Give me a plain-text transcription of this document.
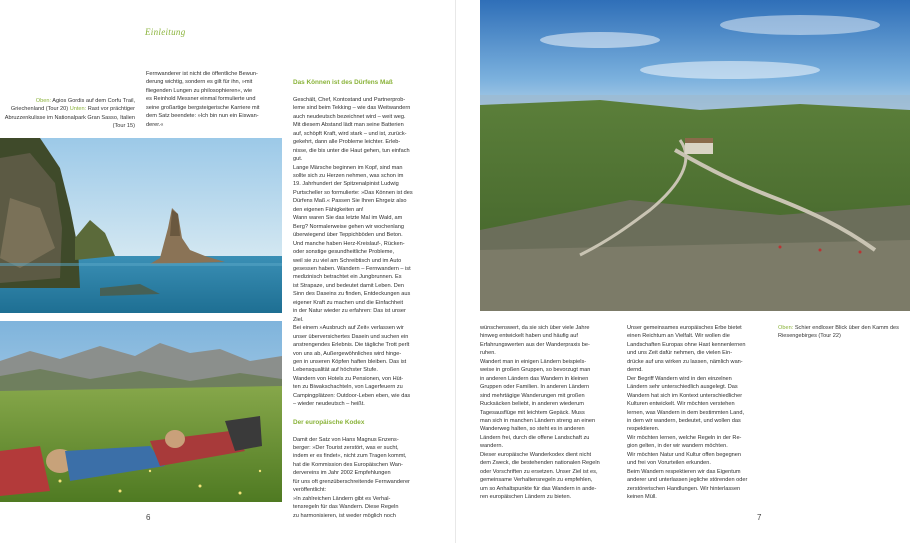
Einleitung
Oben: Agios Gordis auf dem Corfu Trail, Griechenland (Tour 20) Unten: Rast vor prächtiger Abruzzenkulisse im Nationalpark Gran Sasso, Italien (Tour 15)
Fernwanderer ist nicht die öffentliche Bewun-
derung wichtig, sondern es gilt für ihn, »mit
fliegenden Lungen zu philosophieren«, wie
es Reinhold Messner einmal formulierte und
seine großartige bergsteigerische Karriere mit
dem Satz beendete: »Ich bin nun ein Eiswan-
derer.«

Das Können ist des Dürfens Maß

Geschält, Chef, Kontostand und Partnerprob-
leme sind beim Tekking – wie das Weitwandern
auch neudeutsch bezeichnet wird – weit weg.
Mit diesem Abstand lädt man seine Batterien
auf, schöpft Kraft, wird stark – und ist, zurück-
gekehrt, dann alle Probleme leichter. Erleb-
nisse, die bis unter die Haut gehen, tun einfach
gut.
Lange Märsche beginnen im Kopf, sind man
sollte sich zu Herzen nehmen, was schon im
19. Jahrhundert der Spitzenalpinist Ludwig
Purtscheller so formulierte: »Das Können ist des
Dürfens Maß.« Passen Sie Ihren Ehrgeiz also
den eigenen Fähigkeiten an!
Wann waren Sie das letzte Mal im Wald, am
Berg? Normalerweise gehen wir wochenlang
überwiegend über Teppichböden und Beton.
Und manche haben Herz-Kreislauf-, Rücken-
oder sonstige gesundheitliche Probleme,
weil sie zu viel am Schreibtisch und im Auto
gesessen haben. Wandern – Fernwandern – ist
medizinisch betrachtet ein Jungbrunnen. Es
ist Strapaze, und bedeutet damit Leben. Den
Sinn des Daseins zu finden, Entdeckungen aus
eigener Kraft zu machen und die Einfachheit
in der Natur wieder zu erfahren: Das ist unser
Ziel.
Bei einem »Ausbruch auf Zeit« verlassen wir
unser überversichertes Dasein und suchen ein
anstrengendes Erlebnis. Die tägliche Trott perlt
von uns ab, Außergewöhnliches wird hinge-
gen in unseren Köpfen haften bleiben. Das ist
Lebensqualität auf höchster Stufe.
Wandern von Hotels zu Pensionen, von Hüt-
ten zu Biwakschachteln, von Lagerfeuern zu
Campingplätzen: Outdoor-Leben eben, wie das
– wieder neudeutsch – heißt.

Der europäische Kodex

Damit der Satz von Hans Magnus Enzens-
berger: »Der Tourist zerstört, was er sucht,
indem er es findet«, nicht zum Tragen kommt,
hat die Kommission des Europäischen Wan-
dervereins im Jahr 2002 Empfehlungen
für uns oft grenzüberschreitende Fernwanderer
veröffentlicht:
»In zahlreichen Ländern gibt es Verhal-
tensregeln für das Wandern. Diese Regeln
zu harmonisieren, ist weder möglich noch

Oben: Schier endloser Blick über den Kamm des Riesengebirges (Tour 22)
wünschenswert, da sie sich über viele Jahre
hinweg entwickelt haben und häufig auf
Erfahrungswerten aus der Wanderpraxis be-
ruhen.
Wandert man in einigen Ländern beispiels-
weise in großen Gruppen, so bevorzugt man
in anderen Ländern das Wandern in kleinen
Gruppen oder Familien. In anderen Ländern
sind mehrtägige Wanderungen mit großen
Rucksäcken beliebt, in anderen wiederum
Tagesausflüge mit leichtem Gepäck. Muss
man sich in manchen Ländern streng an einen
Wanderweg halten, so steht es in anderen
Ländern frei, durch die offene Landschaft zu
wandern.
Dieser europäische Wanderkodex dient nicht
dem Zweck, die bestehenden nationalen Regeln
oder Vorschriften zu ersetzen. Unser Ziel ist es,
gemeinsame Verhaltensregeln zu empfehlen,
um so Anhaltspunkte für das Wandern in ande-
ren europäischen Ländern zu bieten.
Unser gemeinsames europäisches Erbe bietet
einen Reichtum an Vielfalt. Wir wollen die
Landschaften Europas ohne Hast kennenlernen
und uns Zeit dafür nehmen, die vielen Ein-
drücke auf uns wirken zu lassen, nämlich wan-
dernd.
Der Begriff Wandern wird in den einzelnen
Ländern sehr unterschiedlich ausgelegt. Das
Wandern hat sich im Kontext unterschiedlicher
Kulturen entwickelt. Wir möchten verstehen
lernen, was Wandern in dem bestimmten Land,
in dem wir wandern, bedeutet, und wollen das
respektieren.
Wir möchten lernen, welche Regeln in der Re-
gion gelten, in der wir wandern möchten.
Wir möchten Natur und Kultur offen begegnen
und frei von Vorurteilen erkunden.
Beim Wandern respektieren wir das Eigentum
anderer und unterlassen jegliche störenden oder
zerstörerischen Handlungen. Wir hinterlassen
keinen Müll.
6	7
